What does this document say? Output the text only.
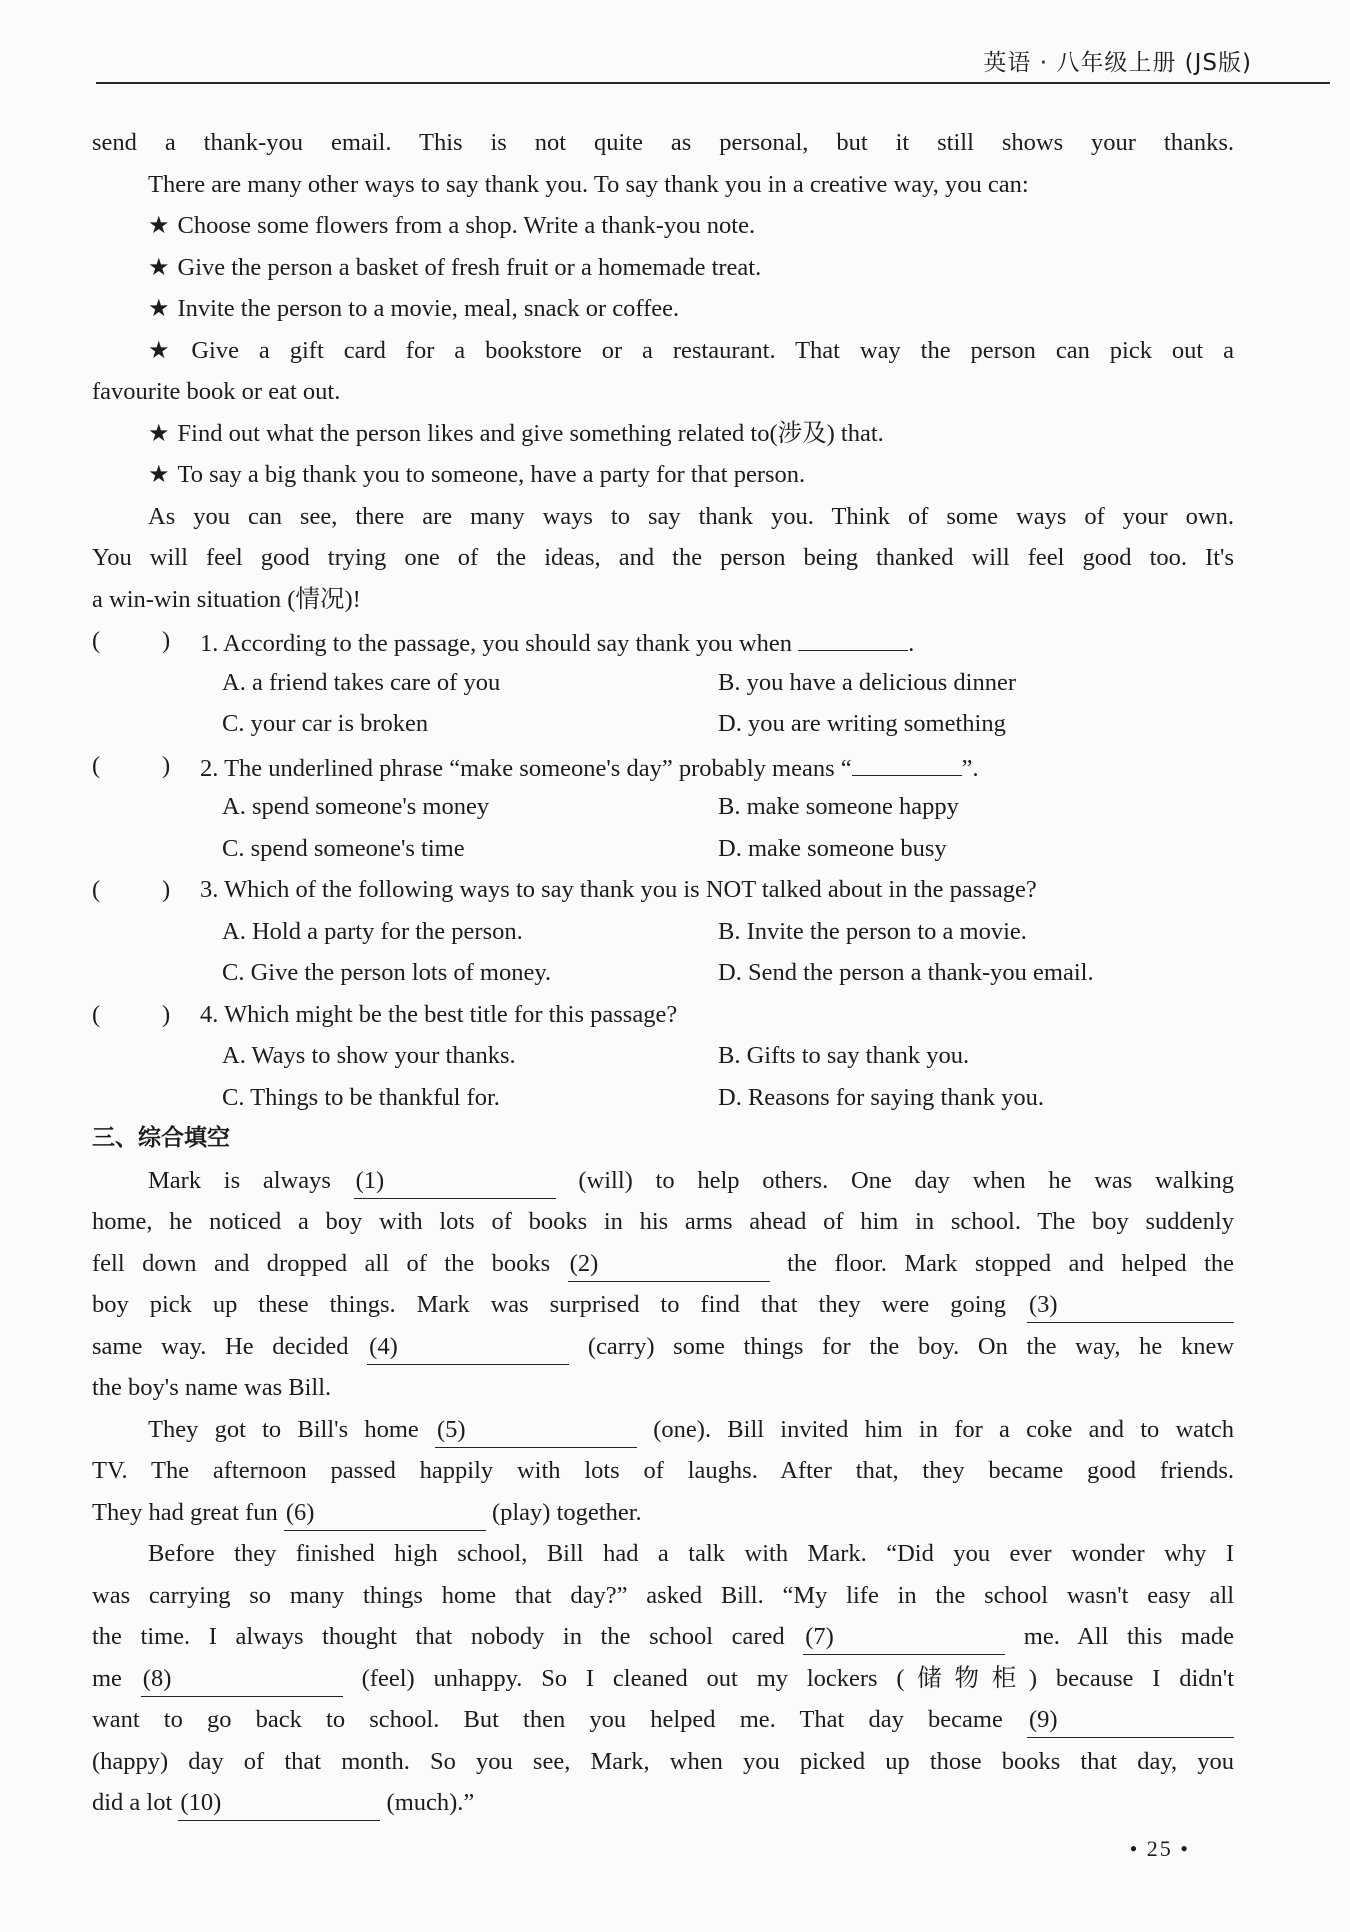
英语 · 八年级上册 (JS版)
send a thank-you email. This is not quite as personal, but it still shows your thanks.
There are many other ways to say thank you. To say thank you in a creative way, you can:
★ Choose some flowers from a shop. Write a thank-you note.
★ Give the person a basket of fresh fruit or a homemade treat.
★ Invite the person to a movie, meal, snack or coffee.
★ Give a gift card for a bookstore or a restaurant. That way the person can pick out a
favourite book or eat out.
★ Find out what the person likes and give something related to(涉及) that.
★ To say a big thank you to someone, have a party for that person.
As you can see, there are many ways to say thank you. Think of some ways of your own.
You will feel good trying one of the ideas, and the person being thanked will feel good too. It's
a win-win situation (情况)!
(	) 1. According to the passage, you should say thank you when	.
A. a friend takes care of you	B. you have a delicious dinner
C. your car is broken	D. you are writing something
(	) 2. The underlined phrase “make someone's day” probably means “	”.
A. spend someone's money	B. make someone happy
C. spend someone's time	D. make someone busy
(	) 3. Which of the following ways to say thank you is NOT talked about in the passage?
A. Hold a party for the person.	B. Invite the person to a movie.
C. Give the person lots of money.	D. Send the person a thank-you email.
(	) 4. Which might be the best title for this passage?
A. Ways to show your thanks.	B. Gifts to say thank you.
C. Things to be thankful for.	D. Reasons for saying thank you.
三、综合填空
Mark is always (1)	(will) to help others. One day when he was walking
home, he noticed a boy with lots of books in his arms ahead of him in school. The boy suddenly
fell down and dropped all of the books (2)	the floor. Mark stopped and helped the
boy pick up these things. Mark was surprised to find that they were going (3)
same way. He decided (4)	(carry) some things for the boy. On the way, he knew
the boy's name was Bill.
They got to Bill's home (5)	(one). Bill invited him in for a coke and to watch
TV. The afternoon passed happily with lots of laughs. After that, they became good friends.
They had great fun (6)	(play) together.
Before they finished high school, Bill had a talk with Mark. “Did you ever wonder why I
was carrying so many things home that day?” asked Bill. “My life in the school wasn't easy all
the time. I always thought that nobody in the school cared (7)	me. All this made
me (8)	(feel) unhappy. So I cleaned out my lockers (储物柜) because I didn't
want to go back to school. But then you helped me. That day became (9)
(happy) day of that month. So you see, Mark, when you picked up those books that day, you
did a lot (10)	(much).”
• 25 •
